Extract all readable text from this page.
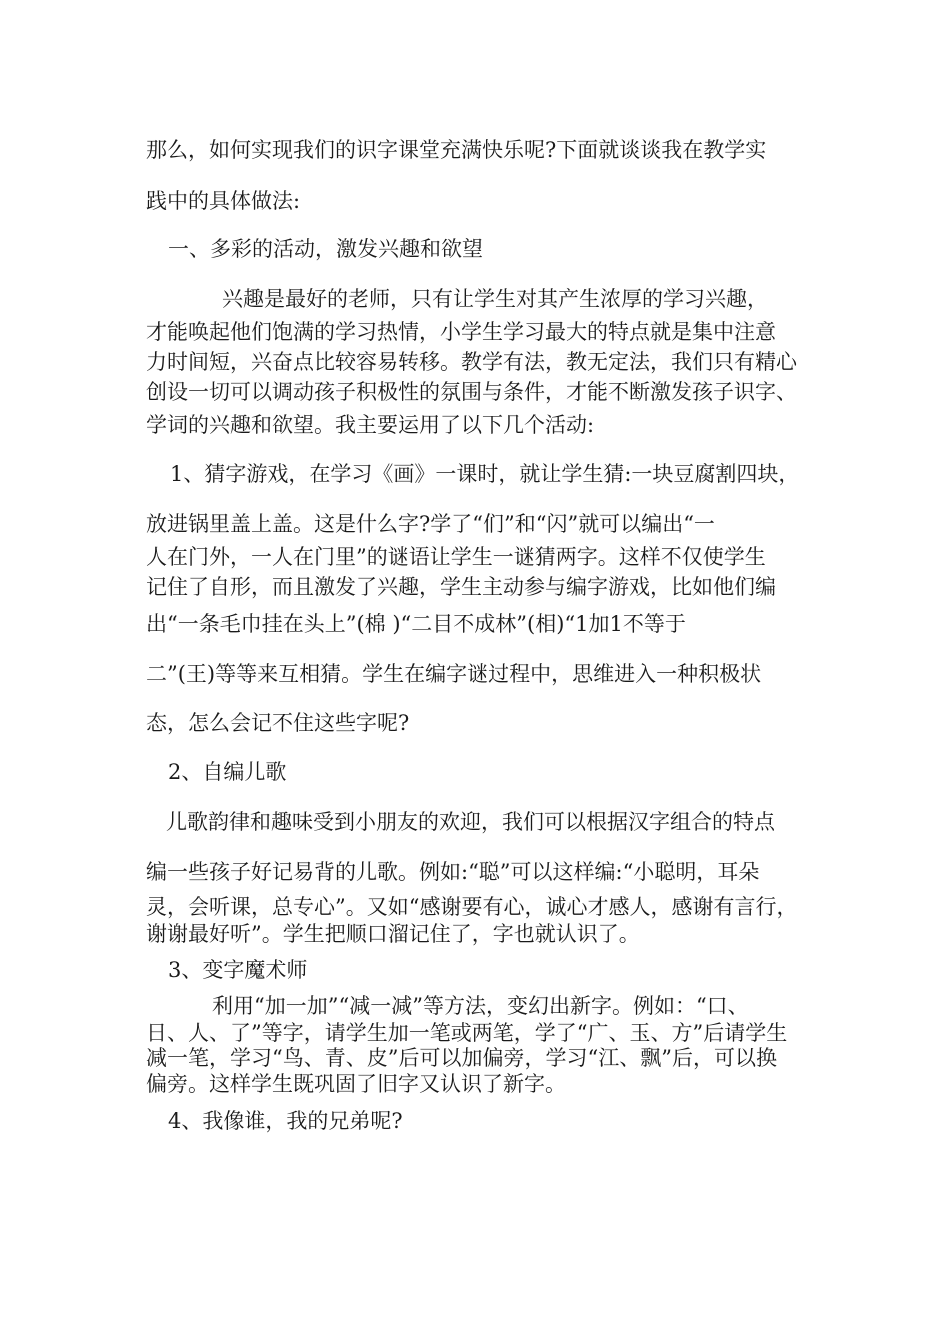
那么，如何实现我们的识字课堂充满快乐呢?下面就谈谈我在教学实
践中的具体做法:
一、多彩的活动，激发兴趣和欲望
兴趣是最好的老师，只有让学生对其产生浓厚的学习兴趣，
才能唤起他们饱满的学习热情，小学生学习最大的特点就是集中注意
力时间短，兴奋点比较容易转移。教学有法，教无定法，我们只有精心
创设一切可以调动孩子积极性的氛围与条件，才能不断激发孩子识字、
学词的兴趣和欲望。我主要运用了以下几个活动:
1、猜字游戏，在学习《画》一课时，就让学生猜:一块豆腐割四块，
放进锅里盖上盖。这是什么字?学了“们”和“闪”就可以编出“一
人在门外，一人在门里”的谜语让学生一谜猜两字。这样不仅使学生
记住了自形，而且激发了兴趣，学生主动参与编字游戏，比如他们编
出“一条毛巾挂在头上”(棉 )“二目不成林”(相)“1加1不等于
二”(王)等等来互相猜。学生在编字谜过程中，思维进入一种积极状
态，怎么会记不住这些字呢?
2、自编儿歌
儿歌韵律和趣味受到小朋友的欢迎，我们可以根据汉字组合的特点
编一些孩子好记易背的儿歌。例如:“聪”可以这样编:“小聪明，耳朵
灵，会听课，总专心”。又如“感谢要有心，诚心才感人，感谢有言行，
谢谢最好听”。学生把顺口溜记住了，字也就认识了。
3、变字魔术师
利用“加一加”“减一减”等方法，变幻出新字。例如：“口、
日、人、了”等字，请学生加一笔或两笔，学了“广、玉、方”后请学生
减一笔，学习“鸟、青、皮”后可以加偏旁，学习“江、飘”后，可以换
偏旁。这样学生既巩固了旧字又认识了新字。
4、我像谁，我的兄弟呢?
